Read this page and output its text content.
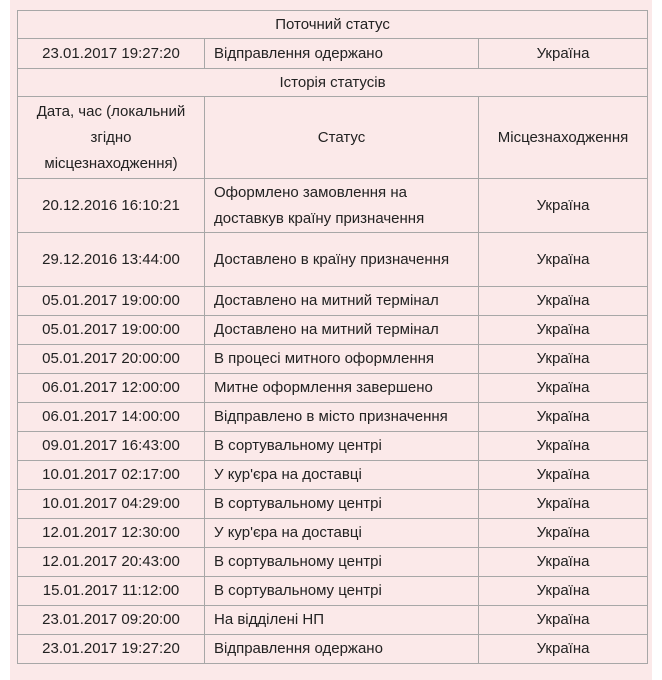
Поточний статус		
23.01.2017 19:27:20	Відправлення одержано	Україна
Історія статусів		
Дата, час (локальний згідно місцезнаходження)	Статус	Місцезнаходження
20.12.2016 16:10:21	Оформлено замовлення на доставкув країну призначення	Україна
29.12.2016 13:44:00	Доставлено в країну призначення	Україна
05.01.2017 19:00:00	Доставлено на митний термінал	Україна
05.01.2017 19:00:00	Доставлено на митний термінал	Україна
05.01.2017 20:00:00	В процесі митного оформлення	Україна
06.01.2017 12:00:00	Митне оформлення завершено	Україна
06.01.2017 14:00:00	Відправлено в місто призначення	Україна
09.01.2017 16:43:00	В сортувальному центрі	Україна
10.01.2017 02:17:00	У кур'єра на доставці	Україна
10.01.2017 04:29:00	В сортувальному центрі	Україна
12.01.2017 12:30:00	У кур'єра на доставці	Україна
12.01.2017 20:43:00	В сортувальному центрі	Україна
15.01.2017 11:12:00	В сортувальному центрі	Україна
23.01.2017 09:20:00	На відділені НП	Україна
23.01.2017 19:27:20	Відправлення одержано	Україна
